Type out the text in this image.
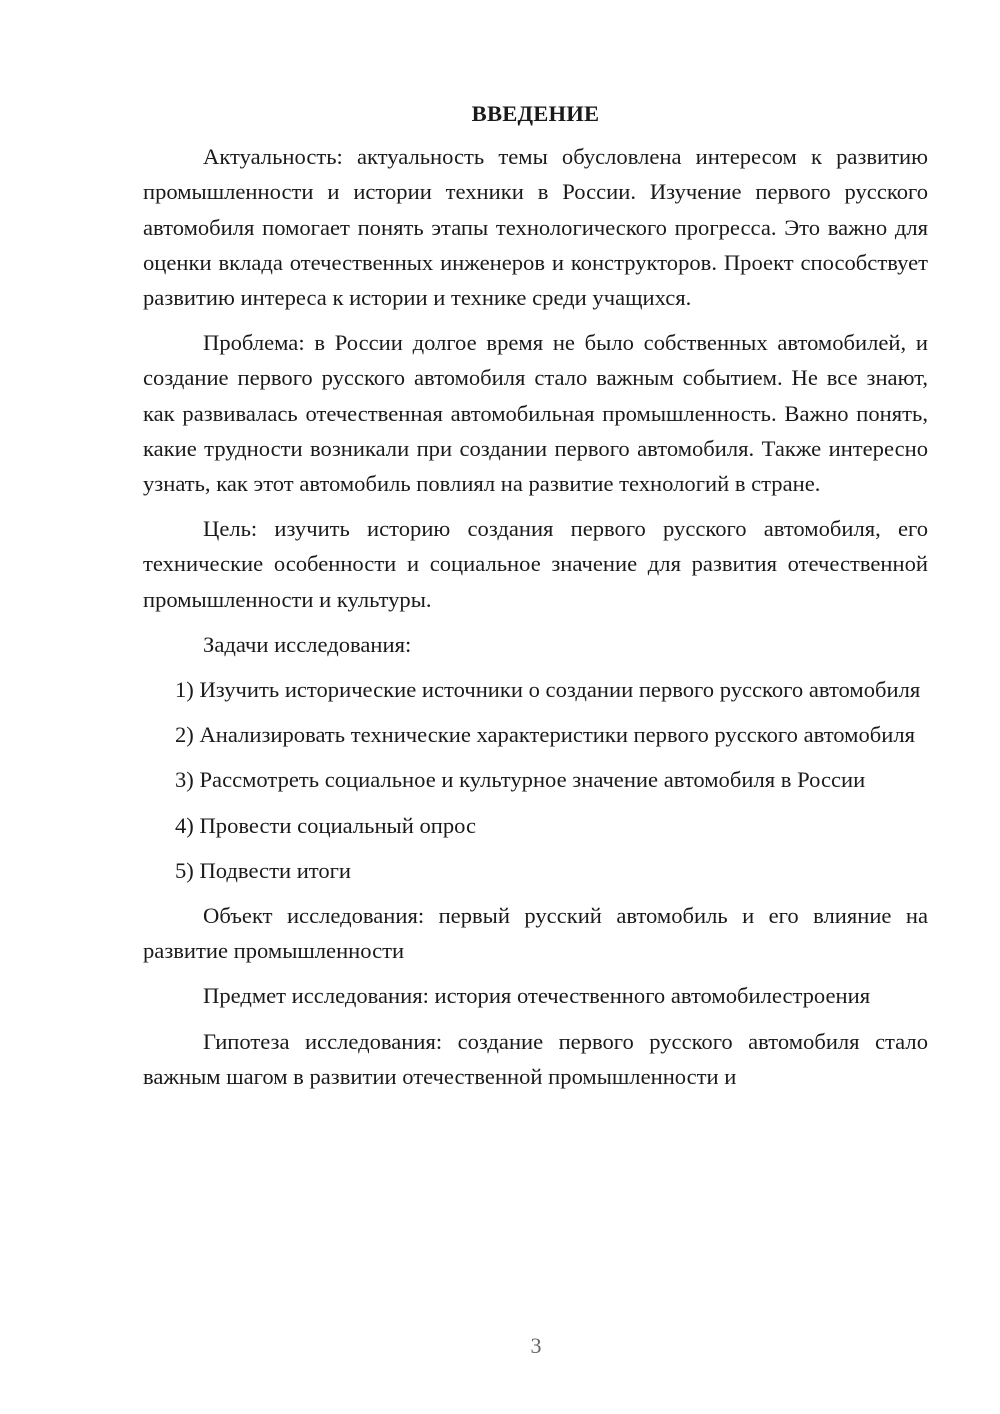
ВВЕДЕНИЕ

Актуальность: актуальность темы обусловлена интересом к развитию промышленности и истории техники в России. Изучение первого русского автомобиля помогает понять этапы технологического прогресса. Это важно для оценки вклада отечественных инженеров и конструкторов. Проект способствует развитию интереса к истории и технике среди учащихся.

Проблема: в России долгое время не было собственных автомобилей, и создание первого русского автомобиля стало важным событием. Не все знают, как развивалась отечественная автомобильная промышленность. Важно понять, какие трудности возникали при создании первого автомобиля. Также интересно узнать, как этот автомобиль повлиял на развитие технологий в стране.

Цель: изучить историю создания первого русского автомобиля, его технические особенности и социальное значение для развития отечественной промышленности и культуры.

Задачи исследования:

1) Изучить исторические источники о создании первого русского автомобиля

2) Анализировать технические характеристики первого русского автомобиля

3) Рассмотреть социальное и культурное значение автомобиля в России

4) Провести социальный опрос

5) Подвести итоги

Объект исследования: первый русский автомобиль и его влияние на развитие промышленности

Предмет исследования: история отечественного автомобилестроения

Гипотеза исследования: создание первого русского автомобиля стало важным шагом в развитии отечественной промышленности и

3
